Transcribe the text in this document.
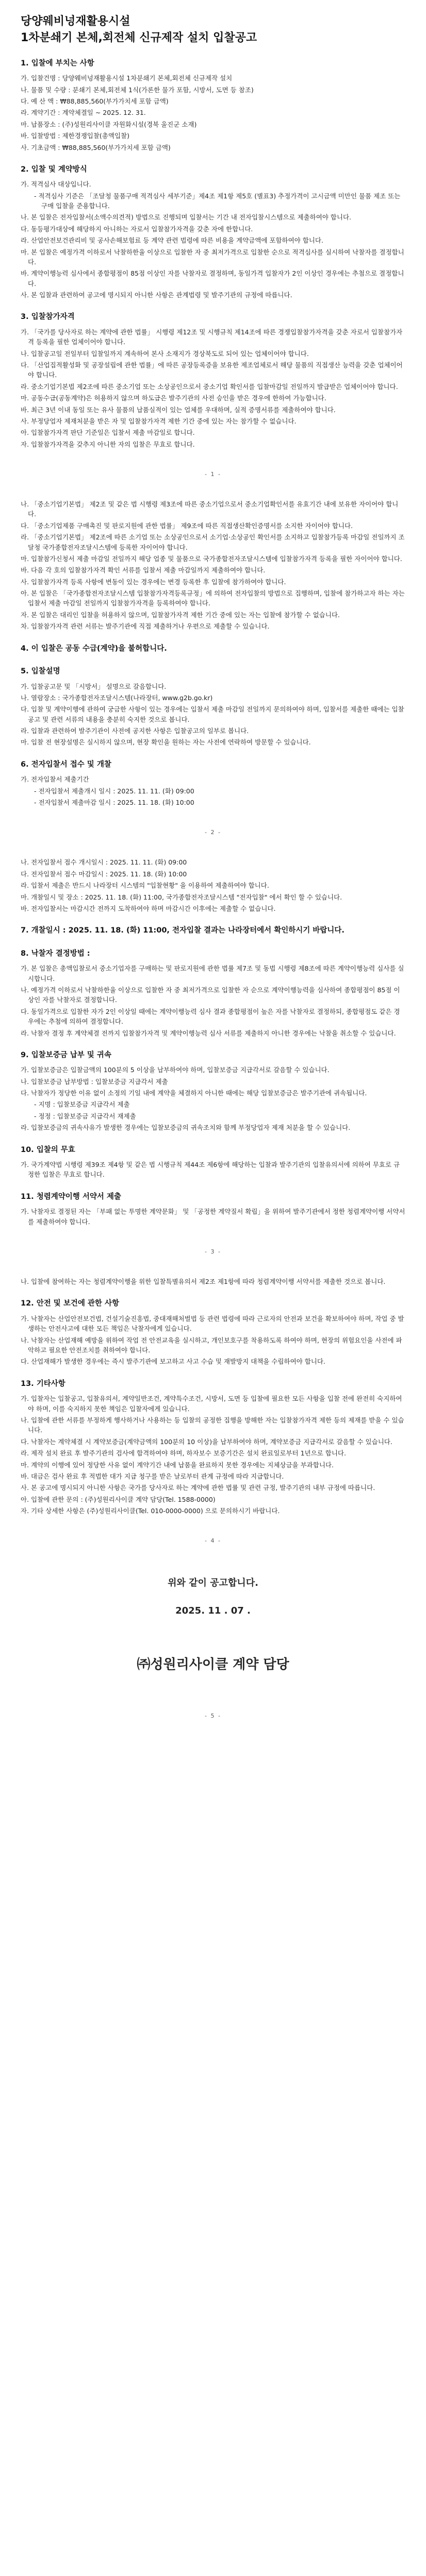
당양웨비넝재활용시설
1차분쇄기 본체,회전체 신규제작 설치 입찰공고
1. 입찰에 부치는 사항
가. 입찰건명 : 당양웨비넝재활용시설 1차분쇄기 본체,회전체 신규제작 설치
나. 물품 및 수량 : 분쇄기 본체,회전체 1식(가론한 물가 포함, 시방서, 도면 등 참조)
다. 예 산 액 : ₩88,885,560(부가가치세 포함 금액)
라. 계약기간 : 계약체결일 ~ 2025. 12. 31.
마. 납품장소 : (주)성원리사이클 자원화시설(경북 울진군 소재)
바. 입찰방법 : 제한경쟁입찰(총액입찰)
사. 기초금액 : ₩88,885,560(부가가치세 포함 금액)
2. 입찰 및 계약방식
가. 적격심사 대상입니다.
- 적격심사 기준은 「조달청 물품구매 적격심사 세부기준」제4조 제1항 제5호 (별표3) 추정가격이 고시금액 미만인 물품 제조 또는 구매 입찰을 준용합니다.
나. 본 입찰은 전자입찰서(소액수의견적) 방법으로 진행되며 입찰서는 기간 내 전자입찰시스템으로 제출하여야 합니다.
다. 동등평가대상에 해당하지 아니하는 자로서 입찰참가자격을 갖춘 자에 한합니다.
라. 산업안전보건관리비 및 공사손해보험료 등 계약 관련 법령에 따른 비용을 계약금액에 포함하여야 합니다.
마. 본 입찰은 예정가격 이하로서 낙찰하한율 이상으로 입찰한 자 중 최저가격으로 입찰한 순으로 적격심사를 실시하여 낙찰자를 결정합니다.
바. 계약이행능력 심사에서 종합평점이 85점 이상인 자를 낙찰자로 결정하며, 동일가격 입찰자가 2인 이상인 경우에는 추첨으로 결정합니다.
사. 본 입찰과 관련하여 공고에 명시되지 아니한 사항은 관계법령 및 발주기관의 규정에 따릅니다.
3. 입찰참가자격
가. 「국가를 당사자로 하는 계약에 관한 법률」 시행령 제12조 및 시행규칙 제14조에 따른 경쟁입찰참가자격을 갖춘 자로서 입찰참가자격 등록을 필한 업체이어야 합니다.
나. 입찰공고일 전일부터 입찰일까지 계속하여 본사 소재지가 경상북도로 되어 있는 업체이어야 합니다.
다. 「산업집적활성화 및 공장설립에 관한 법률」에 따른 공장등록증을 보유한 제조업체로서 해당 물품의 직접생산 능력을 갖춘 업체이어야 합니다.
라. 중소기업기본법 제2조에 따른 중소기업 또는 소상공인으로서 중소기업 확인서를 입찰마감일 전일까지 발급받은 업체이어야 합니다.
마. 공동수급(공동계약)은 허용하지 않으며 하도급은 발주기관의 사전 승인을 받은 경우에 한하여 가능합니다.
바. 최근 3년 이내 동일 또는 유사 물품의 납품실적이 있는 업체를 우대하며, 실적 증명서류를 제출하여야 합니다.
사. 부정당업자 제재처분을 받은 자 및 입찰참가자격 제한 기간 중에 있는 자는 참가할 수 없습니다.
아. 입찰참가자격 판단 기준일은 입찰서 제출 마감일로 합니다.
자. 입찰참가자격을 갖추지 아니한 자의 입찰은 무효로 합니다.
- 1 -
나. 「중소기업기본법」 제2조 및 같은 법 시행령 제3조에 따른 중소기업으로서 중소기업확인서를 유효기간 내에 보유한 자이어야 합니다.
다. 「중소기업제품 구매촉진 및 판로지원에 관한 법률」 제9조에 따른 직접생산확인증명서를 소지한 자이어야 합니다.
라. 「중소기업기본법」 제2조에 따른 소기업 또는 소상공인으로서 소기업·소상공인 확인서를 소지하고 입찰참가등록 마감일 전일까지 조달청 국가종합전자조달시스템에 등록한 자이어야 합니다.
마. 입찰참가신청서 제출 마감일 전일까지 해당 업종 및 물품으로 국가종합전자조달시스템에 입찰참가자격 등록을 필한 자이어야 합니다.
바. 다음 각 호의 입찰참가자격 확인 서류를 입찰서 제출 마감일까지 제출하여야 합니다.
사. 입찰참가자격 등록 사항에 변동이 있는 경우에는 변경 등록한 후 입찰에 참가하여야 합니다.
아. 본 입찰은 「국가종합전자조달시스템 입찰참가자격등록규정」에 의하여 전자입찰의 방법으로 집행하며, 입찰에 참가하고자 하는 자는 입찰서 제출 마감일 전일까지 입찰참가자격을 등록하여야 합니다.
자. 본 입찰은 대리인 입찰을 허용하지 않으며, 입찰참가자격 제한 기간 중에 있는 자는 입찰에 참가할 수 없습니다.
차. 입찰참가자격 관련 서류는 발주기관에 직접 제출하거나 우편으로 제출할 수 있습니다.
4. 이 입찰은 공동 수급(계약)을 불허합니다.
5. 입찰설명
가. 입찰공고문 및 「시방서」 설명으로 갈음합니다.
나. 열람장소 : 국가종합전자조달시스템(나라장터, www.g2b.go.kr)
다. 입찰 및 계약이행에 관하여 궁금한 사항이 있는 경우에는 입찰서 제출 마감일 전일까지 문의하여야 하며, 입찰서를 제출한 때에는 입찰공고 및 관련 서류의 내용을 충분히 숙지한 것으로 봅니다.
라. 입찰과 관련하여 발주기관이 사전에 공지한 사항은 입찰공고의 일부로 봅니다.
마. 입찰 전 현장설명은 실시하지 않으며, 현장 확인을 원하는 자는 사전에 연락하여 방문할 수 있습니다.
6. 전자입찰서 접수 및 개찰
가. 전자입찰서 제출기간
- 전자입찰서 제출개시 일시 : 2025. 11. 11. (화) 09:00
- 전자입찰서 제출마감 일시 : 2025. 11. 18. (화) 10:00
- 2 -
나. 전자입찰서 접수 개시일시 : 2025. 11. 11. (화) 09:00
다. 전자입찰서 접수 마감일시 : 2025. 11. 18. (화) 10:00
라. 입찰서 제출은 반드시 나라장터 시스템의 "입찰현황" 을 이용하여 제출하여야 합니다.
마. 개찰일시 및 장소 : 2025. 11. 18. (화) 11:00, 국가종합전자조달시스템 "전자입찰" 에서 확인 할 수 있습니다.
바. 전자입찰서는 마감시간 전까지 도착하여야 하며 마감시간 이후에는 제출할 수 없습니다.
7. 개찰일시 : 2025. 11. 18. (화) 11:00, 전자입찰 결과는 나라장터에서 확인하시기 바랍니다.
8. 낙찰자 결정방법 :
가. 본 입찰은 총액입찰로서 중소기업자를 구매하는 및 판로지원에 관한 법률 제7조 및 동법 시행령 제8조에 따른 계약이행능력 심사를 실시합니다.
나. 예정가격 이하로서 낙찰하한율 이상으로 입찰한 자 중 최저가격으로 입찰한 자 순으로 계약이행능력을 심사하여 종합평점이 85점 이상인 자를 낙찰자로 결정합니다.
다. 동일가격으로 입찰한 자가 2인 이상일 때에는 계약이행능력 심사 결과 종합평점이 높은 자를 낙찰자로 결정하되, 종합평점도 같은 경우에는 추첨에 의하여 결정합니다.
라. 낙찰자 결정 후 계약체결 전까지 입찰참가자격 및 계약이행능력 심사 서류를 제출하지 아니한 경우에는 낙찰을 취소할 수 있습니다.
9. 입찰보증금 납부 및 귀속
가. 입찰보증금은 입찰금액의 100분의 5 이상을 납부하여야 하며, 입찰보증금 지급각서로 갈음할 수 있습니다.
나. 입찰보증금 납부방법 : 입찰보증금 지급각서 제출
다. 낙찰자가 정당한 이유 없이 소정의 기일 내에 계약을 체결하지 아니한 때에는 해당 입찰보증금은 발주기관에 귀속됩니다.
- 지명 : 입찰보증금 지급각서 제출
- 정정 : 입찰보증금 지급각서 재제출
라. 입찰보증금의 귀속사유가 발생한 경우에는 입찰보증금의 귀속조치와 함께 부정당업자 제재 처분을 할 수 있습니다.
10. 입찰의 무효
가. 국가계약법 시행령 제39조 제4항 및 같은 법 시행규칙 제44조 제6항에 해당하는 입찰과 발주기관의 입찰유의서에 의하여 무효로 규정한 입찰은 무효로 합니다.
11. 청렴계약이행 서약서 제출
가. 낙찰자로 결정된 자는 「부패 없는 투명한 계약문화」 및 「공정한 계약질서 확립」을 위하여 발주기관에서 정한 청렴계약이행 서약서를 제출하여야 합니다.
- 3 -
나. 입찰에 참여하는 자는 청렴계약이행을 위한 입찰특별유의서 제2조 제1항에 따라 청렴계약이행 서약서를 제출한 것으로 봅니다.
12. 안전 및 보건에 관한 사항
가. 낙찰자는 산업안전보건법, 건설기술진흥법, 중대재해처벌법 등 관련 법령에 따라 근로자의 안전과 보건을 확보하여야 하며, 작업 중 발생하는 안전사고에 대한 모든 책임은 낙찰자에게 있습니다.
나. 낙찰자는 산업재해 예방을 위하여 작업 전 안전교육을 실시하고, 개인보호구를 착용하도록 하여야 하며, 현장의 위험요인을 사전에 파악하고 필요한 안전조치를 취하여야 합니다.
다. 산업재해가 발생한 경우에는 즉시 발주기관에 보고하고 사고 수습 및 재발방지 대책을 수립하여야 합니다.
13. 기타사항
가. 입찰자는 입찰공고, 입찰유의서, 계약일반조건, 계약특수조건, 시방서, 도면 등 입찰에 필요한 모든 사항을 입찰 전에 완전히 숙지하여야 하며, 이를 숙지하지 못한 책임은 입찰자에게 있습니다.
나. 입찰에 관한 서류를 부정하게 행사하거나 사용하는 등 입찰의 공정한 집행을 방해한 자는 입찰참가자격 제한 등의 제재를 받을 수 있습니다.
다. 낙찰자는 계약체결 시 계약보증금(계약금액의 100분의 10 이상)을 납부하여야 하며, 계약보증금 지급각서로 갈음할 수 있습니다.
라. 제작 설치 완료 후 발주기관의 검사에 합격하여야 하며, 하자보수 보증기간은 설치 완료일로부터 1년으로 합니다.
마. 계약의 이행에 있어 정당한 사유 없이 계약기간 내에 납품을 완료하지 못한 경우에는 지체상금을 부과합니다.
바. 대금은 검사 완료 후 적법한 대가 지급 청구를 받은 날로부터 관계 규정에 따라 지급합니다.
사. 본 공고에 명시되지 아니한 사항은 국가를 당사자로 하는 계약에 관한 법률 및 관련 규정, 발주기관의 내부 규정에 따릅니다.
아. 입찰에 관한 문의 : (주)성원리사이클 계약 담당(Tel. 1588-0000)
자. 기타 상세한 사항은 (주)성원리사이클(Tel. 010-0000-0000) 으로 문의하시기 바랍니다.
- 4 -
위와 같이 공고합니다.
2025. 11 . 07 .
㈜성원리사이클 계약 담당
- 5 -
